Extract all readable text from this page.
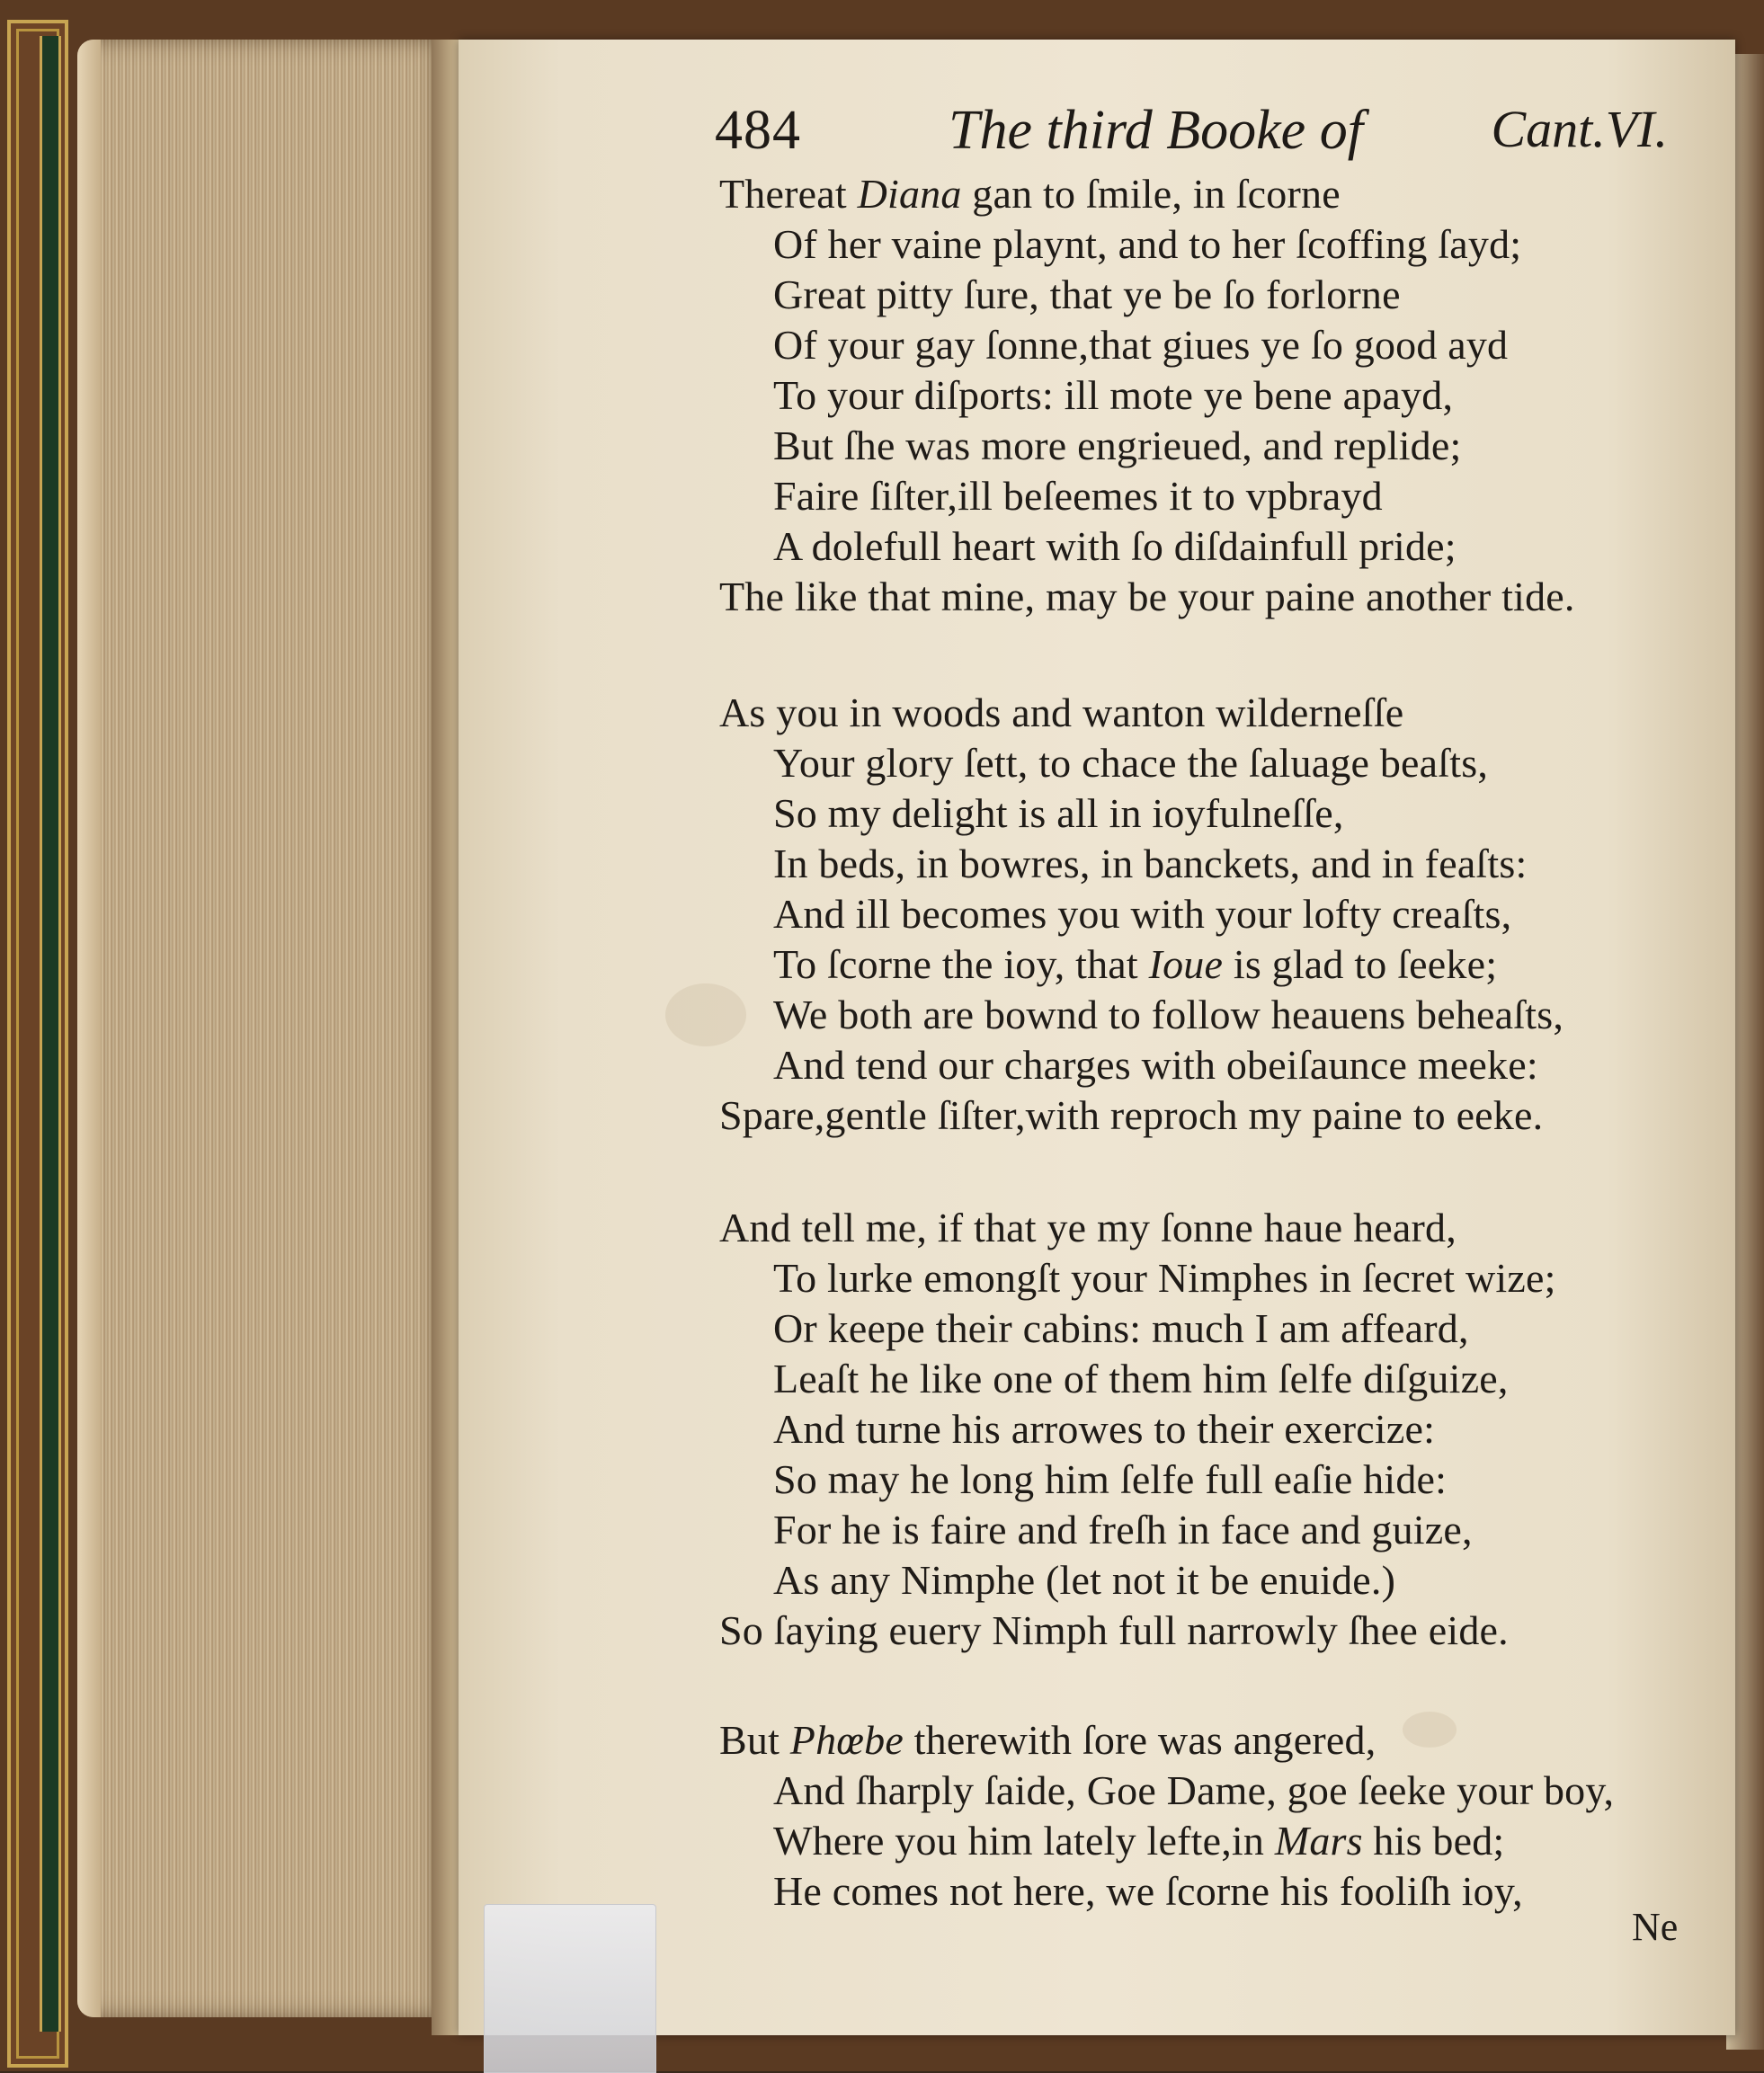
484	The third Booke of Cant.VI.
Thereat Diana gan to ſmile, in ſcorne
Of her vaine playnt, and to her ſcoffing ſayd;
Great pitty ſure, that ye be ſo forlorne
Of your gay ſonne,that giues ye ſo good ayd
To your diſports: ill mote ye bene apayd,
But ſhe was more engrieued, and replide;
Faire ſiſter,ill beſeemes it to vpbrayd
A dolefull heart with ſo diſdainfull pride;
The like that mine, may be your paine another tide.
As you in woods and wanton wilderneſſe
Your glory ſett, to chace the ſaluage beaſts,
So my delight is all in ioyfulneſſe,
In beds, in bowres, in banckets, and in feaſts:
And ill becomes you with your lofty creaſts,
To ſcorne the ioy, that Ioue is glad to ſeeke;
We both are bownd to follow heauens beheaſts,
And tend our charges with obeiſaunce meeke:
Spare,gentle ſiſter,with reproch my paine to eeke.
And tell me, if that ye my ſonne haue heard,
To lurke emongſt your Nimphes in ſecret wize;
Or keepe their cabins: much I am affeard,
Leaſt he like one of them him ſelfe diſguize,
And turne his arrowes to their exercize:
So may he long him ſelfe full eaſie hide:
For he is faire and freſh in face and guize,
As any Nimphe (let not it be enuide.)
So ſaying euery Nimph full narrowly ſhee eide.
But Phœbe therewith ſore was angered,
And ſharply ſaide, Goe Dame, goe ſeeke your boy,
Where you him lately lefte,in Mars his bed;
He comes not here, we ſcorne his fooliſh ioy,
Ne
